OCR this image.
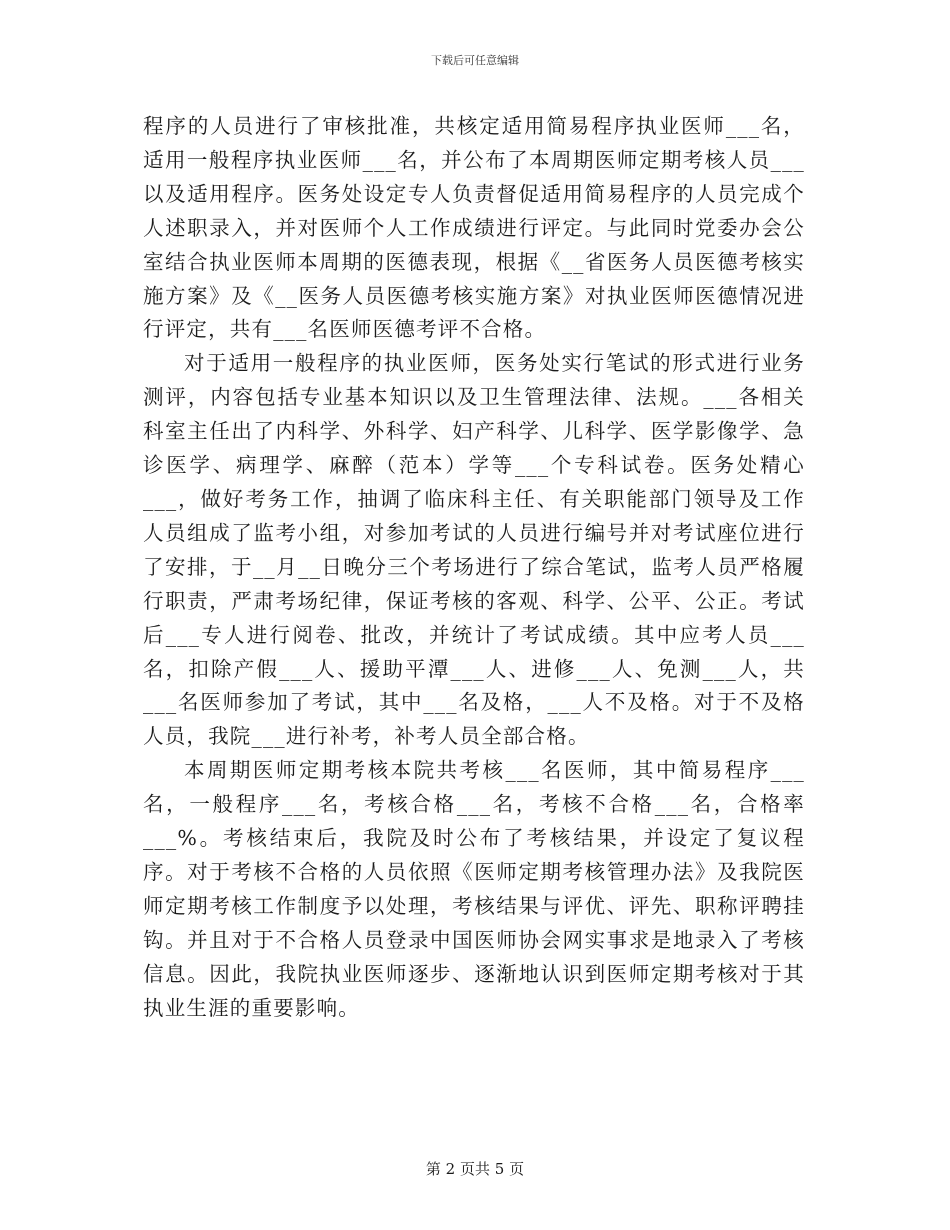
下载后可任意编辑

程序的人员进行了审核批准，共核定适用简易程序执业医师___名，适用一般程序执业医师___名，并公布了本周期医师定期考核人员___以及适用程序。医务处设定专人负责督促适用简易程序的人员完成个人述职录入，并对医师个人工作成绩进行评定。与此同时党委办会公室结合执业医师本周期的医德表现，根据《__省医务人员医德考核实施方案》及《__医务人员医德考核实施方案》对执业医师医德情况进行评定，共有___名医师医德考评不合格。

对于适用一般程序的执业医师，医务处实行笔试的形式进行业务测评，内容包括专业基本知识以及卫生管理法律、法规。___各相关科室主任出了内科学、外科学、妇产科学、儿科学、医学影像学、急诊医学、病理学、麻醉（范本）学等___个专科试卷。医务处精心___，做好考务工作，抽调了临床科主任、有关职能部门领导及工作人员组成了监考小组，对参加考试的人员进行编号并对考试座位进行了安排，于__月__日晚分三个考场进行了综合笔试，监考人员严格履行职责，严肃考场纪律，保证考核的客观、科学、公平、公正。考试后___专人进行阅卷、批改，并统计了考试成绩。其中应考人员___名，扣除产假___人、援助平潭___人、进修___人、免测___人，共___名医师参加了考试，其中___名及格，___人不及格。对于不及格人员，我院___进行补考，补考人员全部合格。

本周期医师定期考核本院共考核___名医师，其中简易程序___名，一般程序___名，考核合格___名，考核不合格___名，合格率___%。考核结束后，我院及时公布了考核结果，并设定了复议程序。对于考核不合格的人员依照《医师定期考核管理办法》及我院医师定期考核工作制度予以处理，考核结果与评优、评先、职称评聘挂钩。并且对于不合格人员登录中国医师协会网实事求是地录入了考核信息。因此，我院执业医师逐步、逐渐地认识到医师定期考核对于其执业生涯的重要影响。

第 2 页共 5 页
